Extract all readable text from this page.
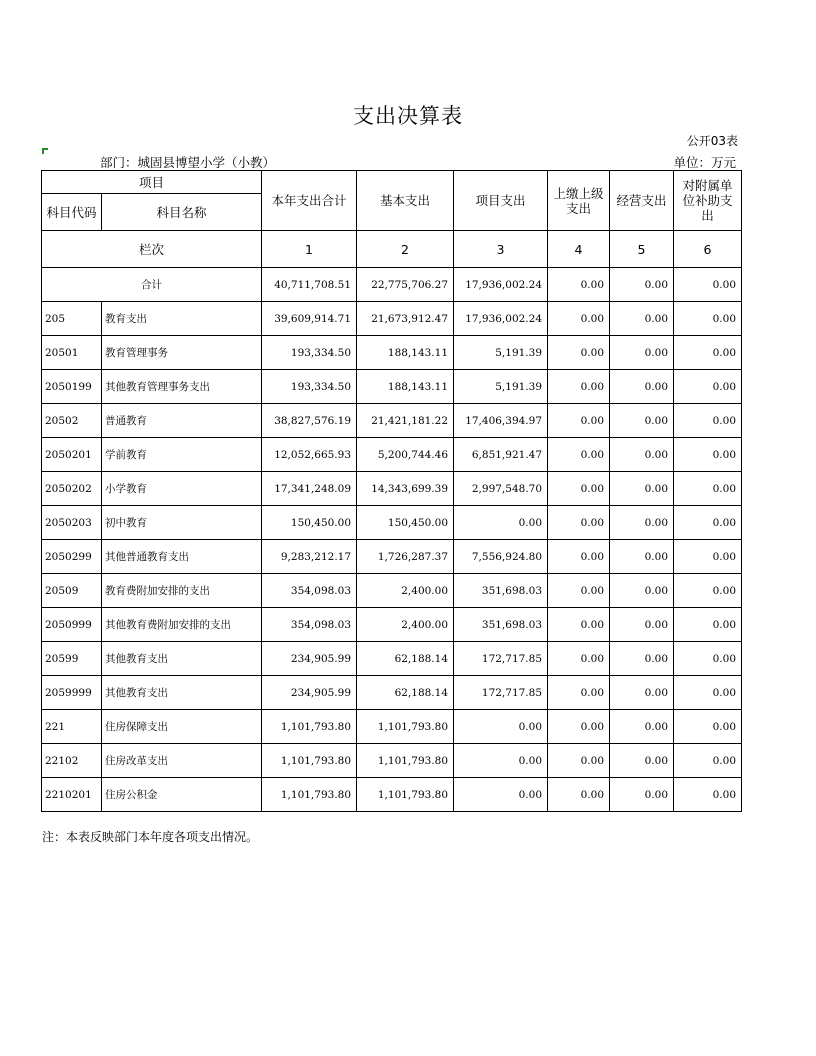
支出决算表
公开03表
部门：城固县博望小学（小教）	单位：万元
项目		本年支出合计	基本支出	项目支出	上缴上级支出	经营支出	对附属单位补助支出
科目代码	科目名称						
栏次		1	2	3	4	5	6
合计		40,711,708.51	22,775,706.27	17,936,002.24	0.00	0.00	0.00
205	教育支出	39,609,914.71	21,673,912.47	17,936,002.24	0.00	0.00	0.00
20501	教育管理事务	193,334.50	188,143.11	5,191.39	0.00	0.00	0.00
2050199	其他教育管理事务支出	193,334.50	188,143.11	5,191.39	0.00	0.00	0.00
20502	普通教育	38,827,576.19	21,421,181.22	17,406,394.97	0.00	0.00	0.00
2050201	学前教育	12,052,665.93	5,200,744.46	6,851,921.47	0.00	0.00	0.00
2050202	小学教育	17,341,248.09	14,343,699.39	2,997,548.70	0.00	0.00	0.00
2050203	初中教育	150,450.00	150,450.00	0.00	0.00	0.00	0.00
2050299	其他普通教育支出	9,283,212.17	1,726,287.37	7,556,924.80	0.00	0.00	0.00
20509	教育费附加安排的支出	354,098.03	2,400.00	351,698.03	0.00	0.00	0.00
2050999	其他教育费附加安排的支出	354,098.03	2,400.00	351,698.03	0.00	0.00	0.00
20599	其他教育支出	234,905.99	62,188.14	172,717.85	0.00	0.00	0.00
2059999	其他教育支出	234,905.99	62,188.14	172,717.85	0.00	0.00	0.00
221	住房保障支出	1,101,793.80	1,101,793.80	0.00	0.00	0.00	0.00
22102	住房改革支出	1,101,793.80	1,101,793.80	0.00	0.00	0.00	0.00
2210201	住房公积金	1,101,793.80	1,101,793.80	0.00	0.00	0.00	0.00
注：本表反映部门本年度各项支出情况。
